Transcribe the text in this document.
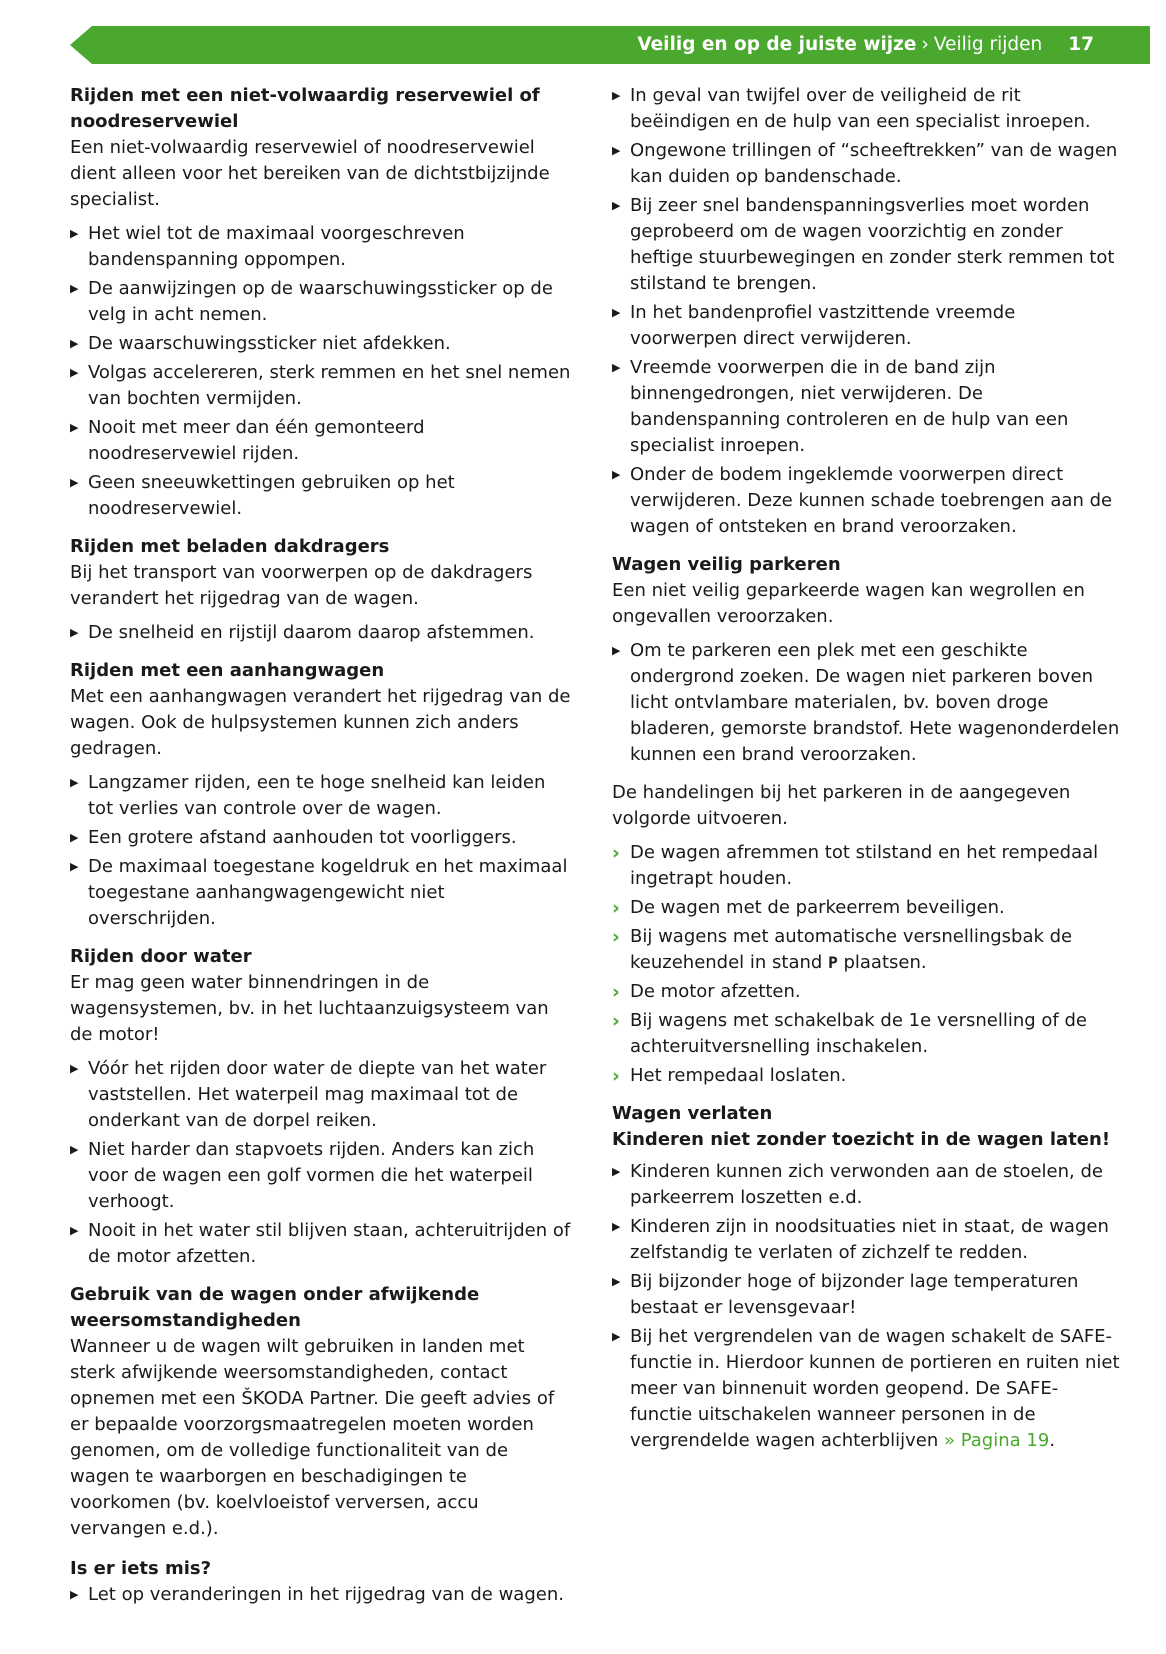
Veilig en op de juiste wijze › Veilig rijden 17
Rijden met een niet-volwaardig reservewiel of noodreservewiel

Een niet-volwaardig reservewiel of noodreservewiel dient alleen voor het bereiken van de dichtstbijzijnde specialist.

▶ Het wiel tot de maximaal voorgeschreven bandenspanning oppompen.
▶ De aanwijzingen op de waarschuwingssticker op de velg in acht nemen.
▶ De waarschuwingssticker niet afdekken.
▶ Volgas accelereren, sterk remmen en het snel nemen van bochten vermijden.
▶ Nooit met meer dan één gemonteerd noodreservewiel rijden.
▶ Geen sneeuwkettingen gebruiken op het noodreservewiel.
Rijden met beladen dakdragers

Bij het transport van voorwerpen op de dakdragers verandert het rijgedrag van de wagen.

▶ De snelheid en rijstijl daarom daarop afstemmen.
Rijden met een aanhangwagen

Met een aanhangwagen verandert het rijgedrag van de wagen. Ook de hulpsystemen kunnen zich anders gedragen.

▶ Langzamer rijden, een te hoge snelheid kan leiden tot verlies van controle over de wagen.
▶ Een grotere afstand aanhouden tot voorliggers.
▶ De maximaal toegestane kogeldruk en het maximaal toegestane aanhangwagengewicht niet overschrijden.
Rijden door water

Er mag geen water binnendringen in de wagensystemen, bv. in het luchtaanzuigsysteem van de motor!

▶ Vóór het rijden door water de diepte van het water vaststellen. Het waterpeil mag maximaal tot de onderkant van de dorpel reiken.
▶ Niet harder dan stapvoets rijden. Anders kan zich voor de wagen een golf vormen die het waterpeil verhoogt.
▶ Nooit in het water stil blijven staan, achteruitrijden of de motor afzetten.
Gebruik van de wagen onder afwijkende weersomstandigheden

Wanneer u de wagen wilt gebruiken in landen met sterk afwijkende weersomstandigheden, contact opnemen met een ŠKODA Partner. Die geeft advies of er bepaalde voorzorgsmaatregelen moeten worden genomen, om de volledige functionaliteit van de wagen te waarborgen en beschadigingen te voorkomen (bv. koelvloeistof verversen, accu vervangen e.d.).

Is er iets mis?
▶ Let op veranderingen in het rijgedrag van de wagen.
▶ In geval van twijfel over de veiligheid de rit beëindigen en de hulp van een specialist inroepen.
▶ Ongewone trillingen of “scheeftrekken” van de wagen kan duiden op bandenschade.
▶ Bij zeer snel bandenspanningsverlies moet worden geprobeerd om de wagen voorzichtig en zonder heftige stuurbewegingen en zonder sterk remmen tot stilstand te brengen.
▶ In het bandenprofiel vastzittende vreemde voorwerpen direct verwijderen.
▶ Vreemde voorwerpen die in de band zijn binnengedrongen, niet verwijderen. De bandenspanning controleren en de hulp van een specialist inroepen.
▶ Onder de bodem ingeklemde voorwerpen direct verwijderen. Deze kunnen schade toebrengen aan de wagen of ontsteken en brand veroorzaken.
Wagen veilig parkeren

Een niet veilig geparkeerde wagen kan wegrollen en ongevallen veroorzaken.

▶ Om te parkeren een plek met een geschikte ondergrond zoeken. De wagen niet parkeren boven licht ontvlambare materialen, bv. boven droge bladeren, gemorste brandstof. Hete wagenonderdelen kunnen een brand veroorzaken.

De handelingen bij het parkeren in de aangegeven volgorde uitvoeren.

› De wagen afremmen tot stilstand en het rempedaal ingetrapt houden.
› De wagen met de parkeerrem beveiligen.
› Bij wagens met automatische versnellingsbak de keuzehendel in stand P plaatsen.
› De motor afzetten.
› Bij wagens met schakelbak de 1e versnelling of de achteruitversnelling inschakelen.
› Het rempedaal loslaten.
Wagen verlaten
Kinderen niet zonder toezicht in de wagen laten!
▶ Kinderen kunnen zich verwonden aan de stoelen, de parkeerrem loszetten e.d.
▶ Kinderen zijn in noodsituaties niet in staat, de wagen zelfstandig te verlaten of zichzelf te redden.
▶ Bij bijzonder hoge of bijzonder lage temperaturen bestaat er levensgevaar!
▶ Bij het vergrendelen van de wagen schakelt de SAFE-functie in. Hierdoor kunnen de portieren en ruiten niet meer van binnenuit worden geopend. De SAFE-functie uitschakelen wanneer personen in de vergrendelde wagen achterblijven » Pagina 19.
